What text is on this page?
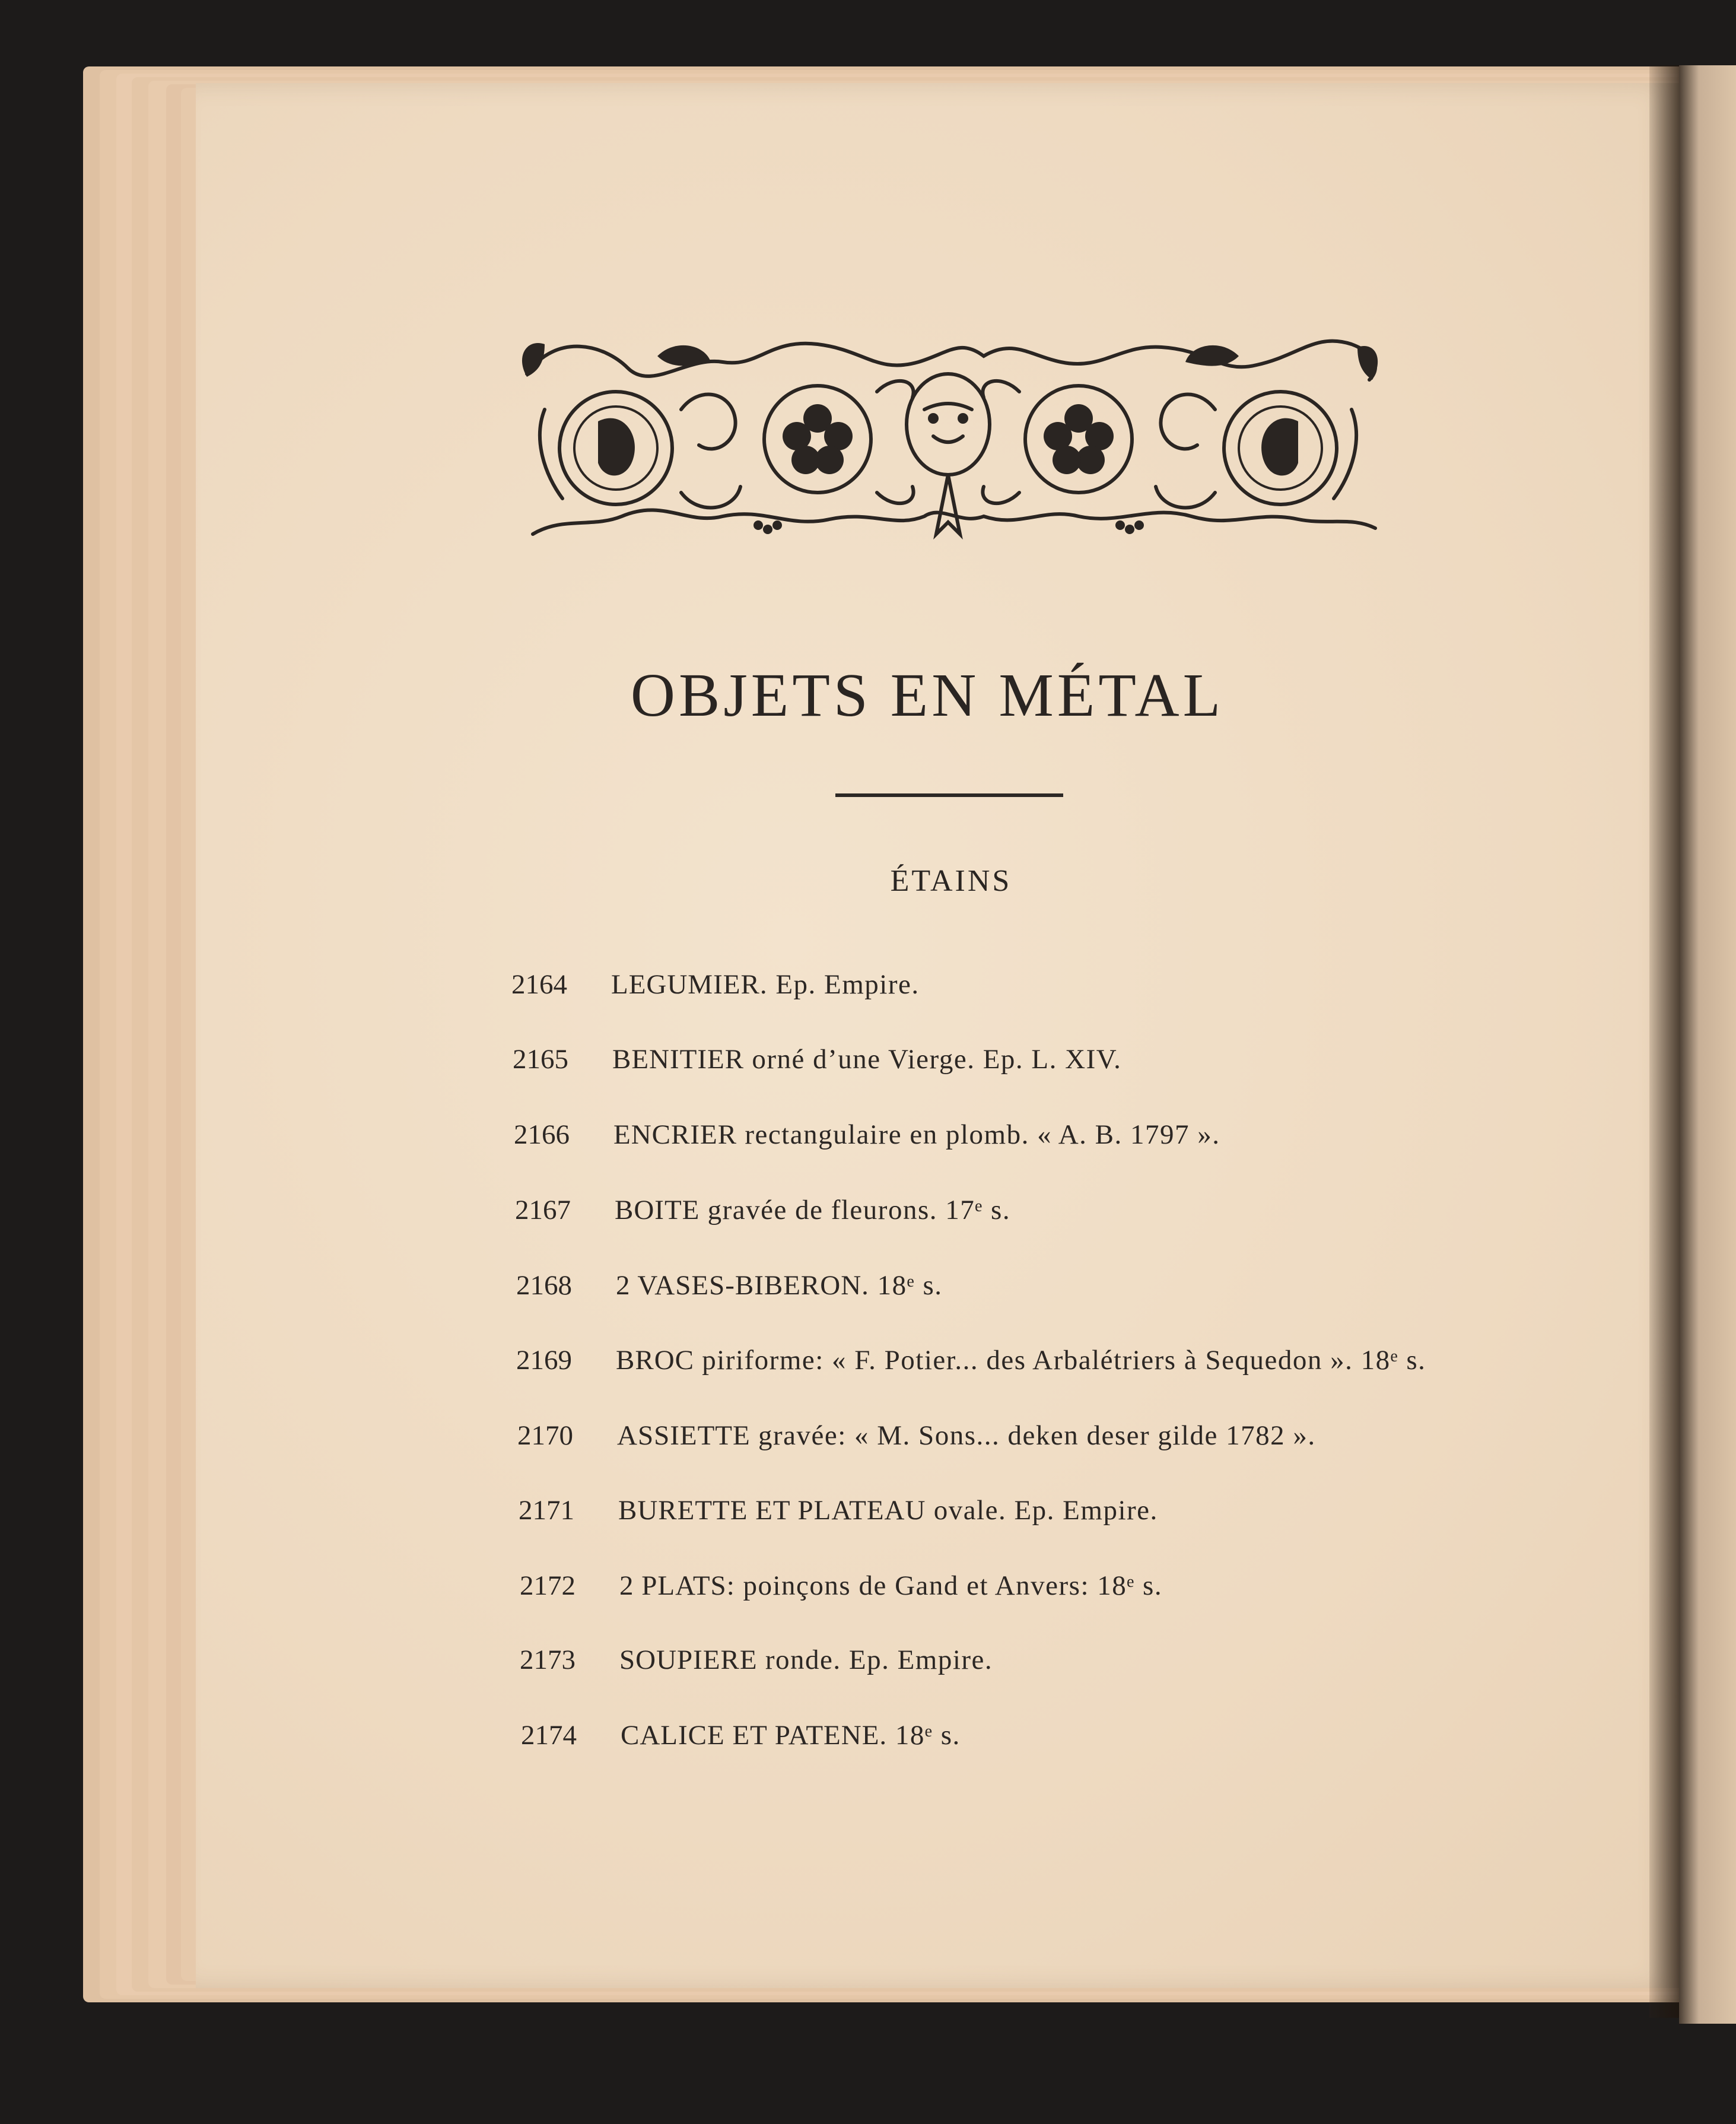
OBJETS EN MÉTAL
ÉTAINS
2164 LEGUMIER. Ep. Empire.
2165 BENITIER orné d’une Vierge. Ep. L. XIV.
2166 ENCRIER rectangulaire en plomb. « A. B. 1797 ».
2167 BOITE gravée de fleurons. 17ᵉ s.
2168 2 VASES-BIBERON. 18ᵉ s.
2169 BROC piriforme: « F. Potier... des Arbalétriers à Sequedon ». 18ᵉ s.
2170 ASSIETTE gravée: « M. Sons... deken deser gilde 1782 ».
2171 BURETTE ET PLATEAU ovale. Ep. Empire.
2172 2 PLATS: poinçons de Gand et Anvers: 18ᵉ s.
2173 SOUPIERE ronde. Ep. Empire.
2174 CALICE ET PATENE. 18ᵉ s.
